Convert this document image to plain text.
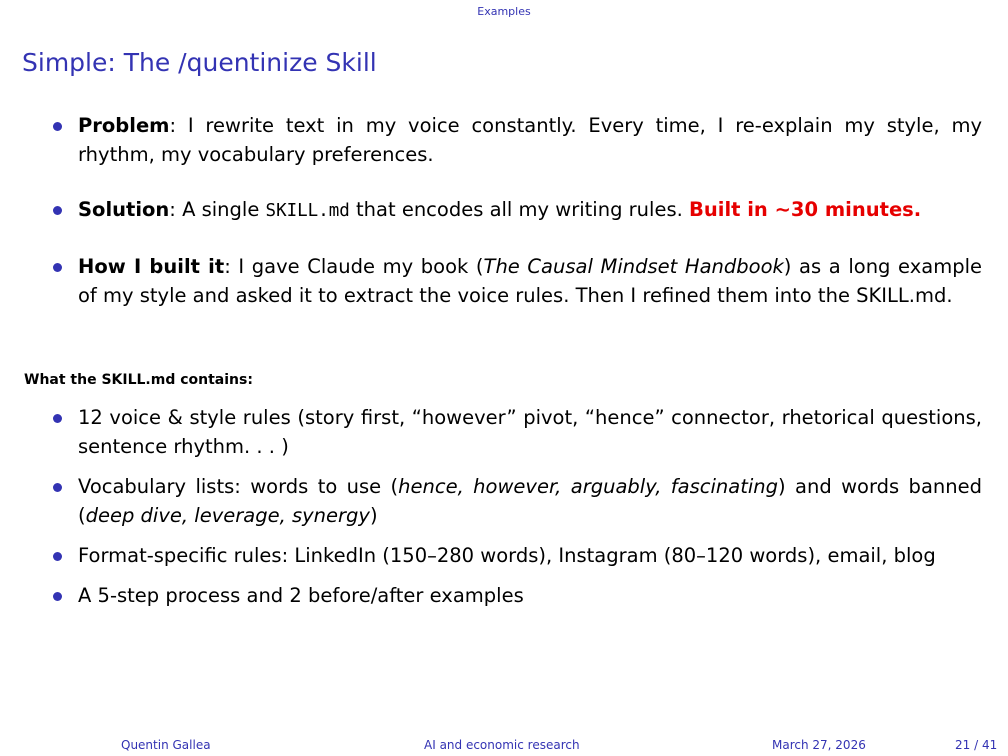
Examples
Simple: The /quentinize Skill
Problem: I rewrite text in my voice constantly. Every time, I re-explain my style, my rhythm, my vocabulary preferences.
Solution: A single SKILL.md that encodes all my writing rules. Built in ∼30 minutes.
How I built it: I gave Claude my book (The Causal Mindset Handbook) as a long example of my style and asked it to extract the voice rules. Then I refined them into the SKILL.md.

What the SKILL.md contains:

12 voice & style rules (story first, “however” pivot, “hence” connector, rhetorical questions, sentence rhythm. . . )
Vocabulary lists: words to use (hence, however, arguably, fascinating) and words banned (deep dive, leverage, synergy)
Format-specific rules: LinkedIn (150–280 words), Instagram (80–120 words), email, blog
A 5-step process and 2 before/after examples
Quentin Gallea	AI and economic research	March 27, 2026	21 / 41
